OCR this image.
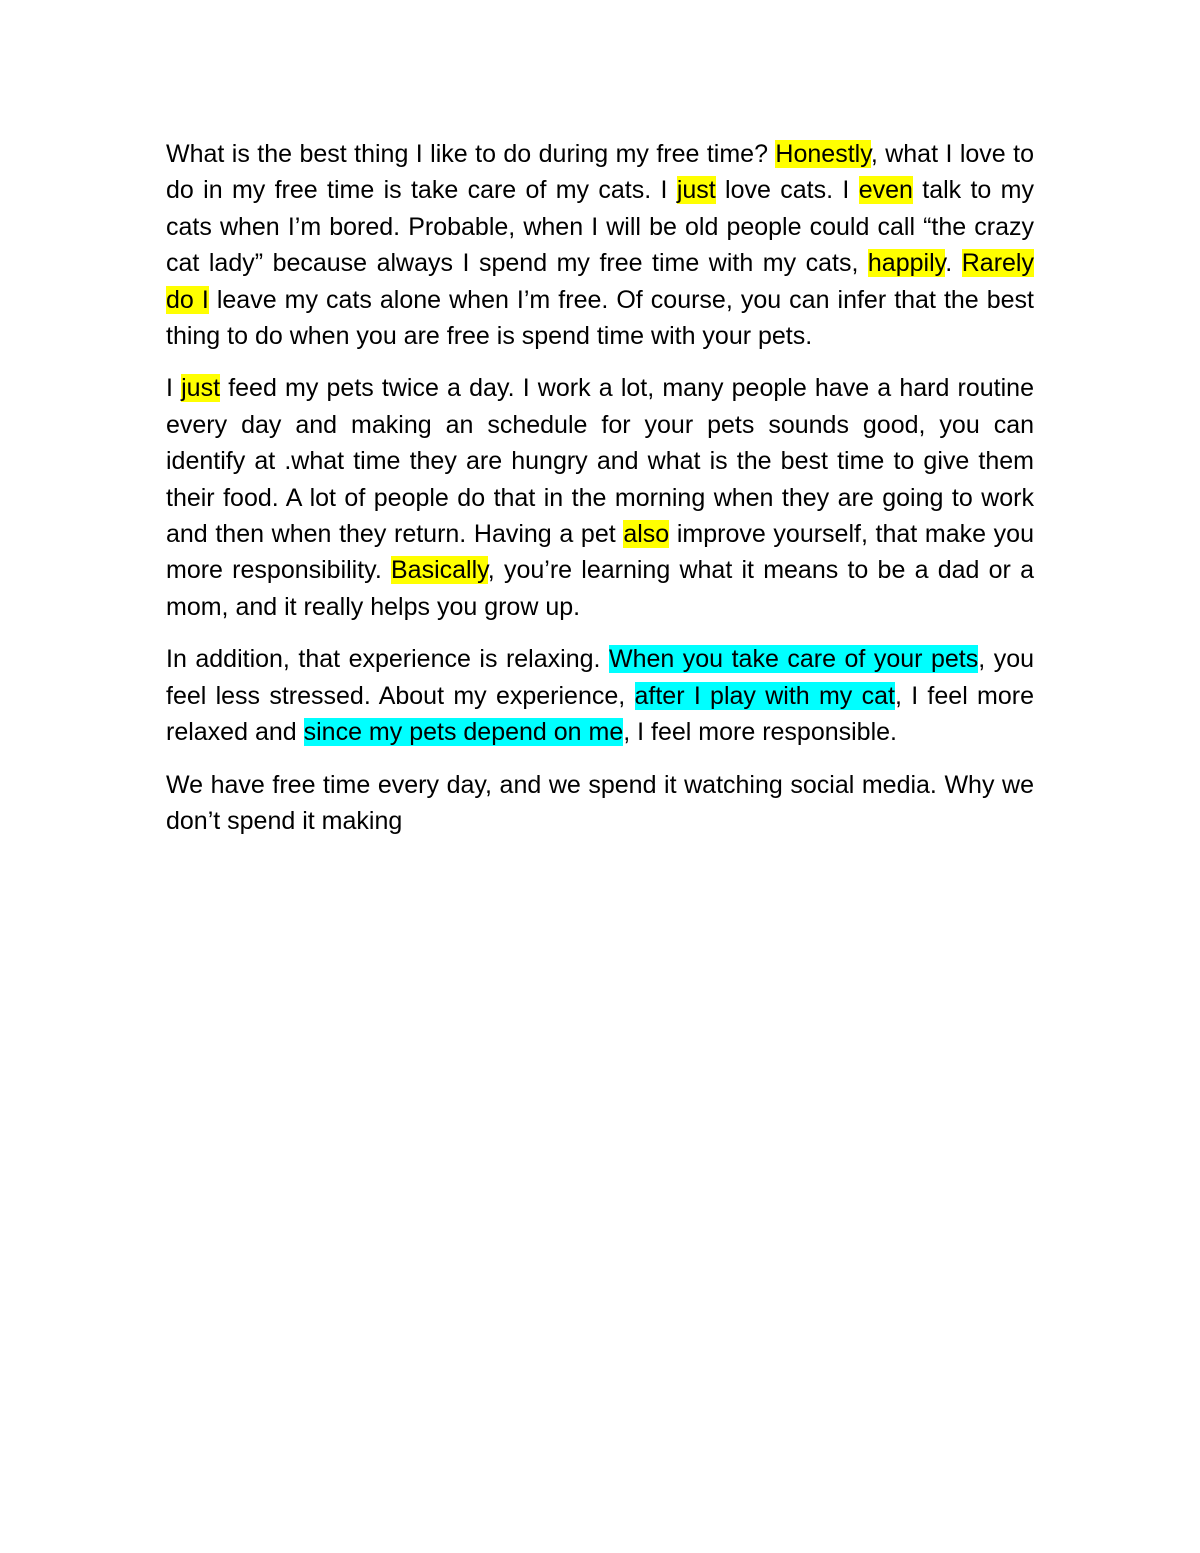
What is the best thing I like to do during my free time? Honestly, what I love to do in my free time is take care of my cats. I just love cats. I even talk to my cats when I’m bored. Probable, when I will be old people could call “the crazy cat lady” because always I spend my free time with my cats, happily. Rarely do I leave my cats alone when I’m free. Of course, you can infer that the best thing to do when you are free is spend time with your pets.

I just feed my pets twice a day. I work a lot, many people have a hard routine every day and making an schedule for your pets sounds good, you can identify at .what time they are hungry and what is the best time to give them their food. A lot of people do that in the morning when they are going to work and then when they return. Having a pet also improve yourself, that make you more responsibility. Basically, you’re learning what it means to be a dad or a mom, and it really helps you grow up.

In addition, that experience is relaxing. When you take care of your pets, you feel less stressed. About my experience, after I play with my cat, I feel more relaxed and since my pets depend on me, I feel more responsible.

We have free time every day, and we spend it watching social media. Why we don’t spend it making
